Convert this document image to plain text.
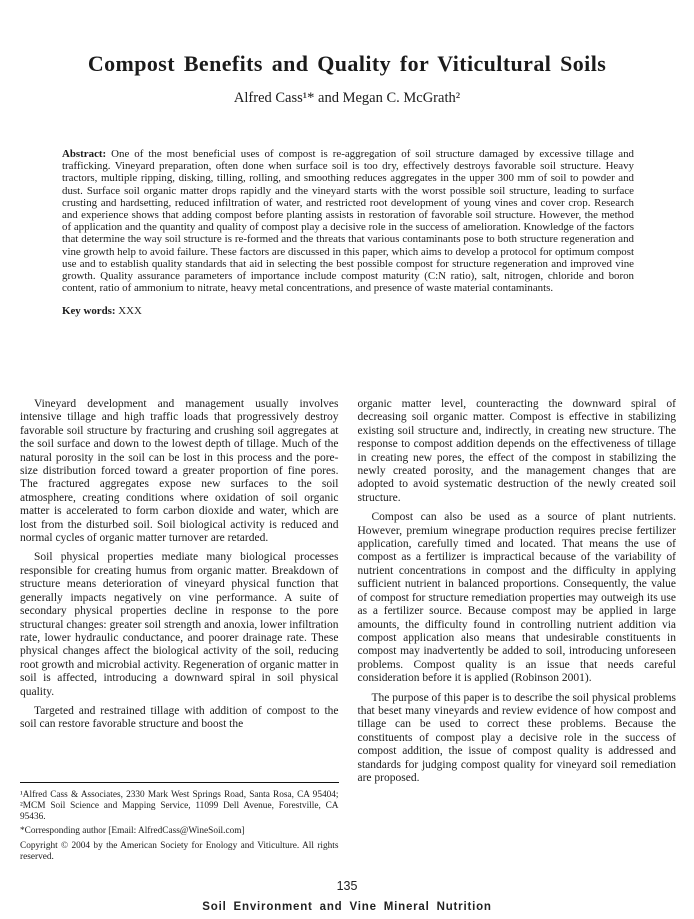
Compost Benefits and Quality for Viticultural Soils
Alfred Cass¹* and Megan C. McGrath²

Abstract: One of the most beneficial uses of compost is re-aggregation of soil structure damaged by excessive tillage and trafficking. Vineyard preparation, often done when surface soil is too dry, effectively destroys favorable soil structure. Heavy tractors, multiple ripping, disking, tilling, rolling, and smoothing reduces aggregates in the upper 300 mm of soil to powder and dust. Surface soil organic matter drops rapidly and the vineyard starts with the worst possible soil structure, leading to surface crusting and hardsetting, reduced infiltration of water, and restricted root development of young vines and cover crop. Research and experience shows that adding compost before planting assists in restoration of favorable soil structure. However, the method of application and the quantity and quality of compost play a decisive role in the success of amelioration. Knowledge of the factors that determine the way soil structure is re-formed and the threats that various contaminants pose to both structure regeneration and vine growth help to avoid failure. These factors are discussed in this paper, which aims to develop a protocol for optimum compost use and to establish quality standards that aid in selecting the best possible compost for structure regeneration and improved vine growth. Quality assurance parameters of importance include compost maturity (C:N ratio), salt, nitrogen, chloride and boron content, ratio of ammonium to nitrate, heavy metal concentrations, and presence of waste material contaminants.

Key words: XXX

Vineyard development and management usually involves intensive tillage and high traffic loads that progressively destroy favorable soil structure by fracturing and crushing soil aggregates at the soil surface and down to the lowest depth of tillage. Much of the natural porosity in the soil can be lost in this process and the pore-size distribution forced toward a greater proportion of fine pores. The fractured aggregates expose new surfaces to the soil atmosphere, creating conditions where oxidation of soil organic matter is accelerated to form carbon dioxide and water, which are lost from the disturbed soil. Soil biological activity is reduced and normal cycles of organic matter turnover are retarded.

Soil physical properties mediate many biological processes responsible for creating humus from organic matter. Breakdown of structure means deterioration of vineyard physical function that generally impacts negatively on vine performance. A suite of secondary physical properties decline in response to the pore structural changes: greater soil strength and anoxia, lower infiltration rate, lower hydraulic conductance, and poorer drainage rate. These physical changes affect the biological activity of the soil, reducing root growth and microbial activity. Regeneration of organic matter in soil is affected, introducing a downward spiral in soil physical quality.

Targeted and restrained tillage with addition of compost to the soil can restore favorable structure and boost the

¹Alfred Cass & Associates, 2330 Mark West Springs Road, Santa Rosa, CA 95404; ²MCM Soil Science and Mapping Service, 11099 Dell Avenue, Forestville, CA 95436.

*Corresponding author [Email: AlfredCass@WineSoil.com]

Copyright © 2004 by the American Society for Enology and Viticulture. All rights reserved.

organic matter level, counteracting the downward spiral of decreasing soil organic matter. Compost is effective in stabilizing existing soil structure and, indirectly, in creating new structure. The response to compost addition depends on the effectiveness of tillage in creating new pores, the effect of the compost in stabilizing the newly created porosity, and the management changes that are adopted to avoid systematic destruction of the newly created soil structure.

Compost can also be used as a source of plant nutrients. However, premium winegrape production requires precise fertilizer application, carefully timed and located. That means the use of compost as a fertilizer is impractical because of the variability of nutrient concentrations in compost and the difficulty in applying sufficient nutrient in balanced proportions. Consequently, the value of compost for structure remediation properties may outweigh its use as a fertilizer source. Because compost may be applied in large amounts, the difficulty found in controlling nutrient addition via compost application also means that undesirable constituents in compost may inadvertently be added to soil, introducing unforeseen problems. Compost quality is an issue that needs careful consideration before it is applied (Robinson 2001).

The purpose of this paper is to describe the soil physical problems that beset many vineyards and review evidence of how compost and tillage can be used to correct these problems. Because the constituents of compost play a decisive role in the success of compost addition, the issue of compost quality is addressed and standards for judging compost quality for vineyard soil remediation are proposed.

135
Soil Environment and Vine Mineral Nutrition
